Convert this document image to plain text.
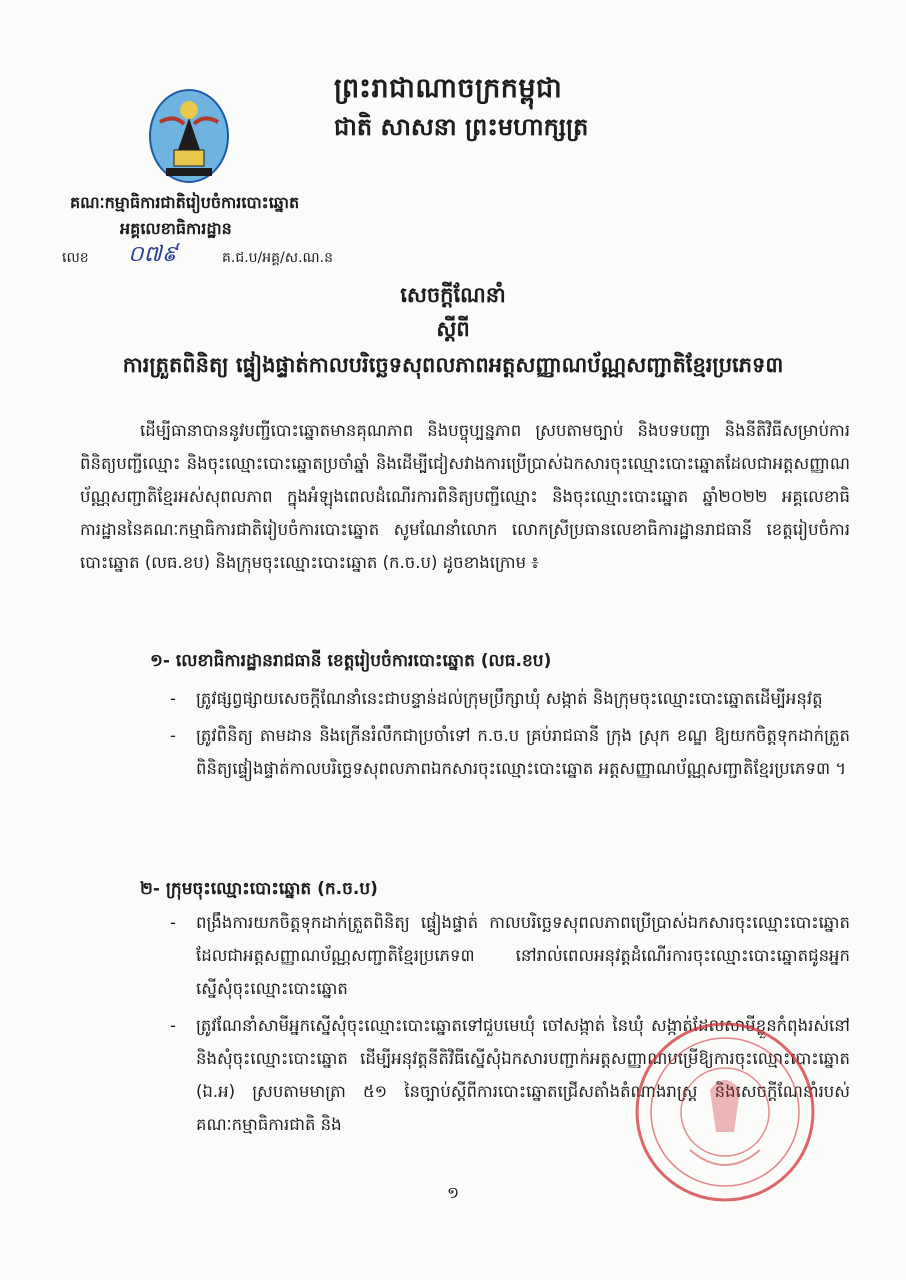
ព្រះរាជាណាចក្រកម្ពុជា
ជាតិ សាសនា ព្រះមហាក្សត្រ
គណៈកម្មាធិការជាតិរៀបចំការបោះឆ្នោត
អគ្គលេខាធិការដ្ឋាន
លេខ ០៧៩	គ.ជ.ប/អគ្គ/ស.ណ.ន
សេចក្តីណែនាំ
ស្តីពី
ការត្រួតពិនិត្យ ផ្ទៀងផ្ទាត់កាលបរិច្ឆេទសុពលភាពអត្តសញ្ញាណប័ណ្ណសញ្ជាតិខ្មែរប្រភេទ៣
ដើម្បីធានាបាននូវបញ្ជីបោះឆ្នោតមានគុណភាព និងបច្ចុប្បន្នភាព ស្របតាមច្បាប់ និងបទបញ្ជា និងនីតិវិធីសម្រាប់ការពិនិត្យបញ្ជីឈ្មោះ និងចុះឈ្មោះបោះឆ្នោតប្រចាំឆ្នាំ និងដើម្បីជៀសវាងការប្រើប្រាស់ឯកសារចុះឈ្មោះបោះឆ្នោតដែលជាអត្តសញ្ញាណប័ណ្ណសញ្ជាតិខ្មែរអស់សុពលភាព ក្នុងអំឡុងពេលដំណើរការពិនិត្យបញ្ជីឈ្មោះ និងចុះឈ្មោះបោះឆ្នោត ឆ្នាំ២០២២ អគ្គលេខាធិការដ្ឋាននៃគណៈកម្មាធិការជាតិរៀបចំការបោះឆ្នោត សូមណែនាំលោក លោកស្រីប្រធានលេខាធិការដ្ឋានរាជធានី ខេត្តរៀបចំការបោះឆ្នោត (លធ.ខប) និងក្រុមចុះឈ្មោះបោះឆ្នោត (ក.ច.ប) ដូចខាងក្រោម ៖
១- លេខាធិការដ្ឋានរាជធានី ខេត្តរៀបចំការបោះឆ្នោត (លធ.ខប)
- ត្រូវផ្សព្វផ្សាយសេចក្តីណែនាំនេះជាបន្ទាន់ដល់ក្រុមប្រឹក្សាឃុំ សង្កាត់ និងក្រុមចុះឈ្មោះបោះឆ្នោតដើម្បីអនុវត្ត
- ត្រូវពិនិត្យ តាមដាន និងក្រើនរំលឹកជាប្រចាំទៅ ក.ច.ប គ្រប់រាជធានី ក្រុង ស្រុក ខណ្ឌ ឱ្យយកចិត្តទុកដាក់ត្រួតពិនិត្យផ្ទៀងផ្ទាត់កាលបរិច្ឆេទសុពលភាពឯកសារចុះឈ្មោះបោះឆ្នោត អត្តសញ្ញាណប័ណ្ណសញ្ជាតិខ្មែរប្រភេទ៣ ។
២- ក្រុមចុះឈ្មោះបោះឆ្នោត (ក.ច.ប)
- ពង្រឹងការយកចិត្តទុកដាក់ត្រួតពិនិត្យ ផ្ទៀងផ្ទាត់ កាលបរិច្ឆេទសុពលភាពប្រើប្រាស់ឯកសារចុះឈ្មោះបោះឆ្នោតដែលជាអត្តសញ្ញាណប័ណ្ណសញ្ជាតិខ្មែរប្រភេទ៣ នៅរាល់ពេលអនុវត្តដំណើរការចុះឈ្មោះបោះឆ្នោតជូនអ្នកស្នើសុំចុះឈ្មោះបោះឆ្នោត
- ត្រូវណែនាំសាមីអ្នកស្នើសុំចុះឈ្មោះបោះឆ្នោតទៅជួបមេឃុំ ចៅសង្កាត់ នៃឃុំ សង្កាត់ដែលសាមីខ្លួនកំពុងរស់នៅ និងសុំចុះឈ្មោះបោះឆ្នោត ដើម្បីអនុវត្តនីតិវិធីស្នើសុំឯកសារបញ្ជាក់អត្តសញ្ញាណបម្រើឱ្យការចុះឈ្មោះបោះឆ្នោត (ឯ.អ) ស្របតាមមាត្រា ៥១ នៃច្បាប់ស្តីពីការបោះឆ្នោតជ្រើសតាំងតំណាងរាស្ត្រ និងសេចក្តីណែនាំរបស់គណៈកម្មាធិការជាតិ និង
១
